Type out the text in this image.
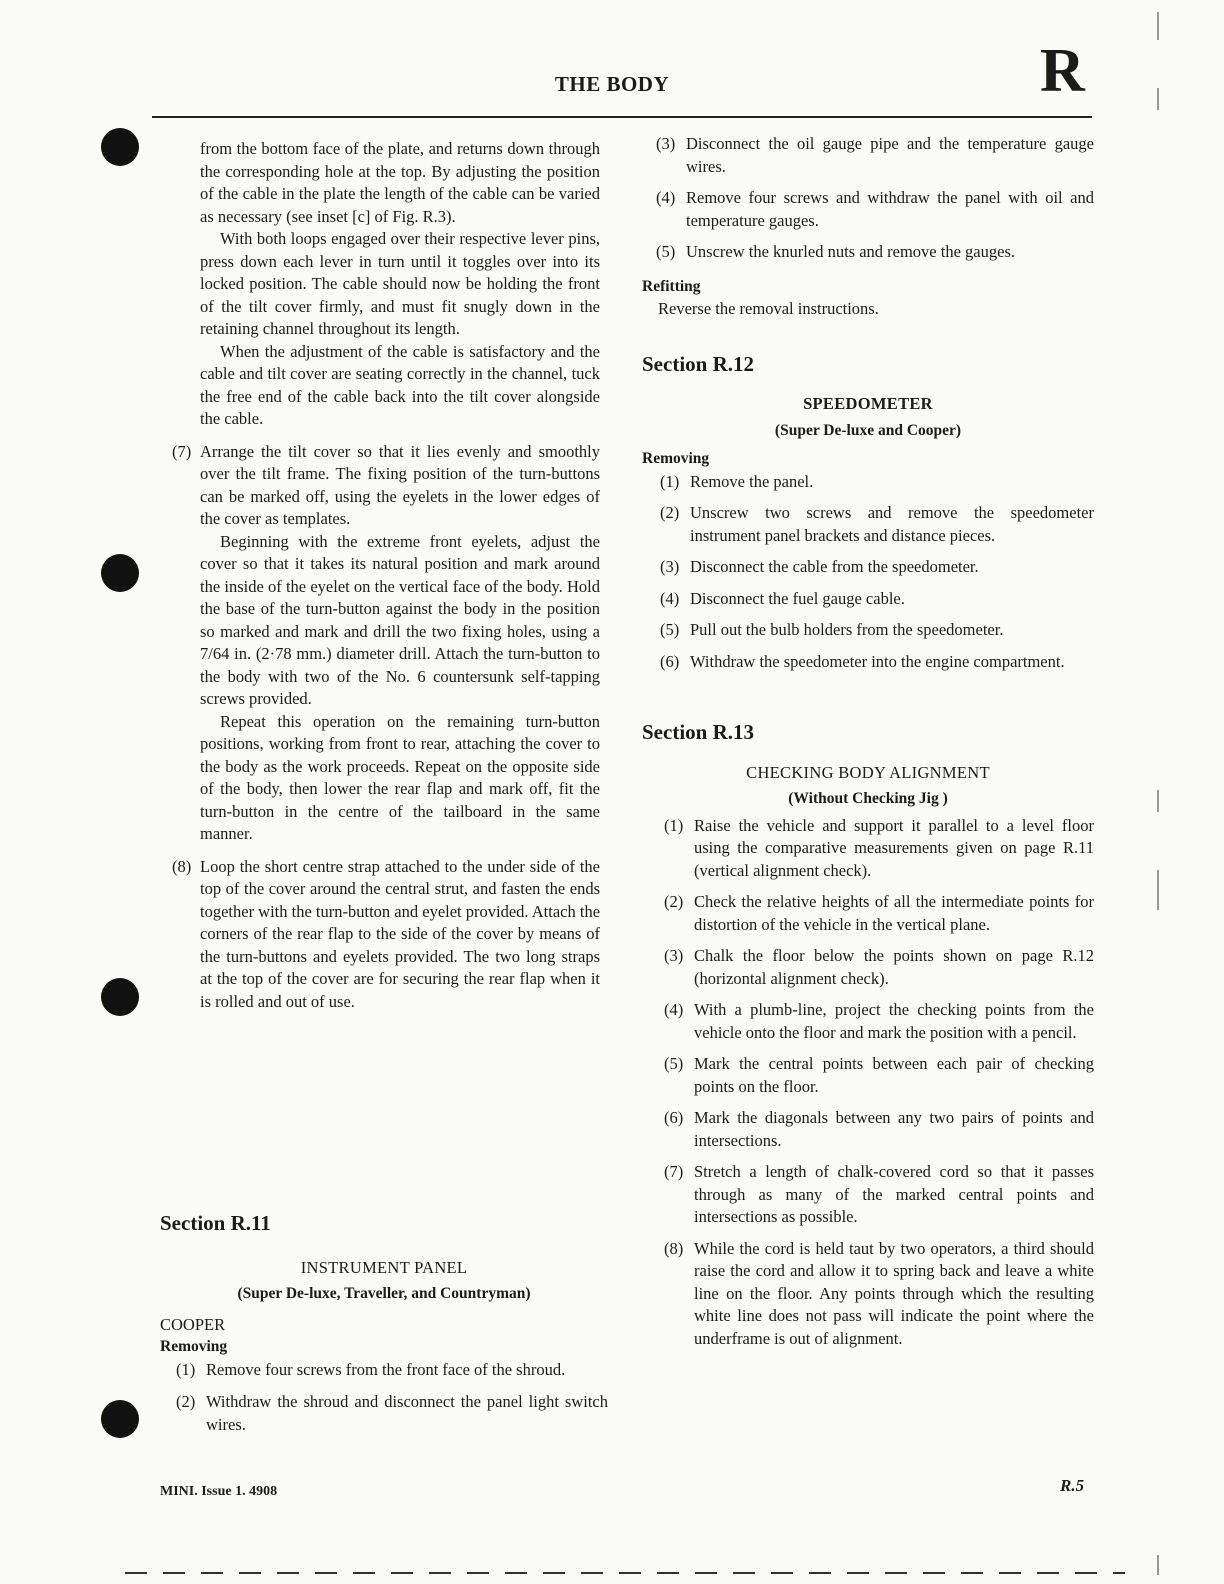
THE BODY	R

from the bottom face of the plate, and returns down through the corresponding hole at the top. By adjusting the position of the cable in the plate the length of the cable can be varied as necessary (see inset [c] of Fig. R.3).

With both loops engaged over their respective lever pins, press down each lever in turn until it toggles over into its locked position. The cable should now be holding the front of the tilt cover firmly, and must fit snugly down in the retaining channel throughout its length.

When the adjustment of the cable is satisfactory and the cable and tilt cover are seating correctly in the channel, tuck the free end of the cable back into the tilt cover alongside the cable.

(7) Arrange the tilt cover so that it lies evenly and smoothly over the tilt frame. The fixing position of the turn-buttons can be marked off, using the eyelets in the lower edges of the cover as templates.

Beginning with the extreme front eyelets, adjust the cover so that it takes its natural position and mark around the inside of the eyelet on the vertical face of the body. Hold the base of the turn-button against the body in the position so marked and mark and drill the two fixing holes, using a 7/64 in. (2·78 mm.) diameter drill. Attach the turn-button to the body with two of the No. 6 countersunk self-tapping screws provided.

Repeat this operation on the remaining turn-button positions, working from front to rear, attaching the cover to the body as the work proceeds. Repeat on the opposite side of the body, then lower the rear flap and mark off, fit the turn-button in the centre of the tailboard in the same manner.

(8) Loop the short centre strap attached to the under side of the top of the cover around the central strut, and fasten the ends together with the turn-button and eyelet provided. Attach the corners of the rear flap to the side of the cover by means of the turn-buttons and eyelets provided. The two long straps at the top of the cover are for securing the rear flap when it is rolled and out of use.

Section R.11

INSTRUMENT PANEL

(Super De-luxe, Traveller, and Countryman)

COOPER

Removing

(1) Remove four screws from the front face of the shroud.
(2) Withdraw the shroud and disconnect the panel light switch wires.
(3) Disconnect the oil gauge pipe and the temperature gauge wires.
(4) Remove four screws and withdraw the panel with oil and temperature gauges.
(5) Unscrew the knurled nuts and remove the gauges.

Refitting

Reverse the removal instructions.

Section R.12

SPEEDOMETER

(Super De-luxe and Cooper)

Removing

(1) Remove the panel.
(2) Unscrew two screws and remove the speedometer instrument panel brackets and distance pieces.
(3) Disconnect the cable from the speedometer.
(4) Disconnect the fuel gauge cable.
(5) Pull out the bulb holders from the speedometer.
(6) Withdraw the speedometer into the engine compartment.

Section R.13

CHECKING BODY ALIGNMENT

(Without Checking Jig )

(1) Raise the vehicle and support it parallel to a level floor using the comparative measurements given on page R.11 (vertical alignment check).
(2) Check the relative heights of all the intermediate points for distortion of the vehicle in the vertical plane.
(3) Chalk the floor below the points shown on page R.12 (horizontal alignment check).
(4) With a plumb-line, project the checking points from the vehicle onto the floor and mark the position with a pencil.
(5) Mark the central points between each pair of checking points on the floor.
(6) Mark the diagonals between any two pairs of points and intersections.
(7) Stretch a length of chalk-covered cord so that it passes through as many of the marked central points and intersections as possible.
(8) While the cord is held taut by two operators, a third should raise the cord and allow it to spring back and leave a white line on the floor. Any points through which the resulting white line does not pass will indicate the point where the underframe is out of alignment.
MINI. Issue 1. 4908	R.5
